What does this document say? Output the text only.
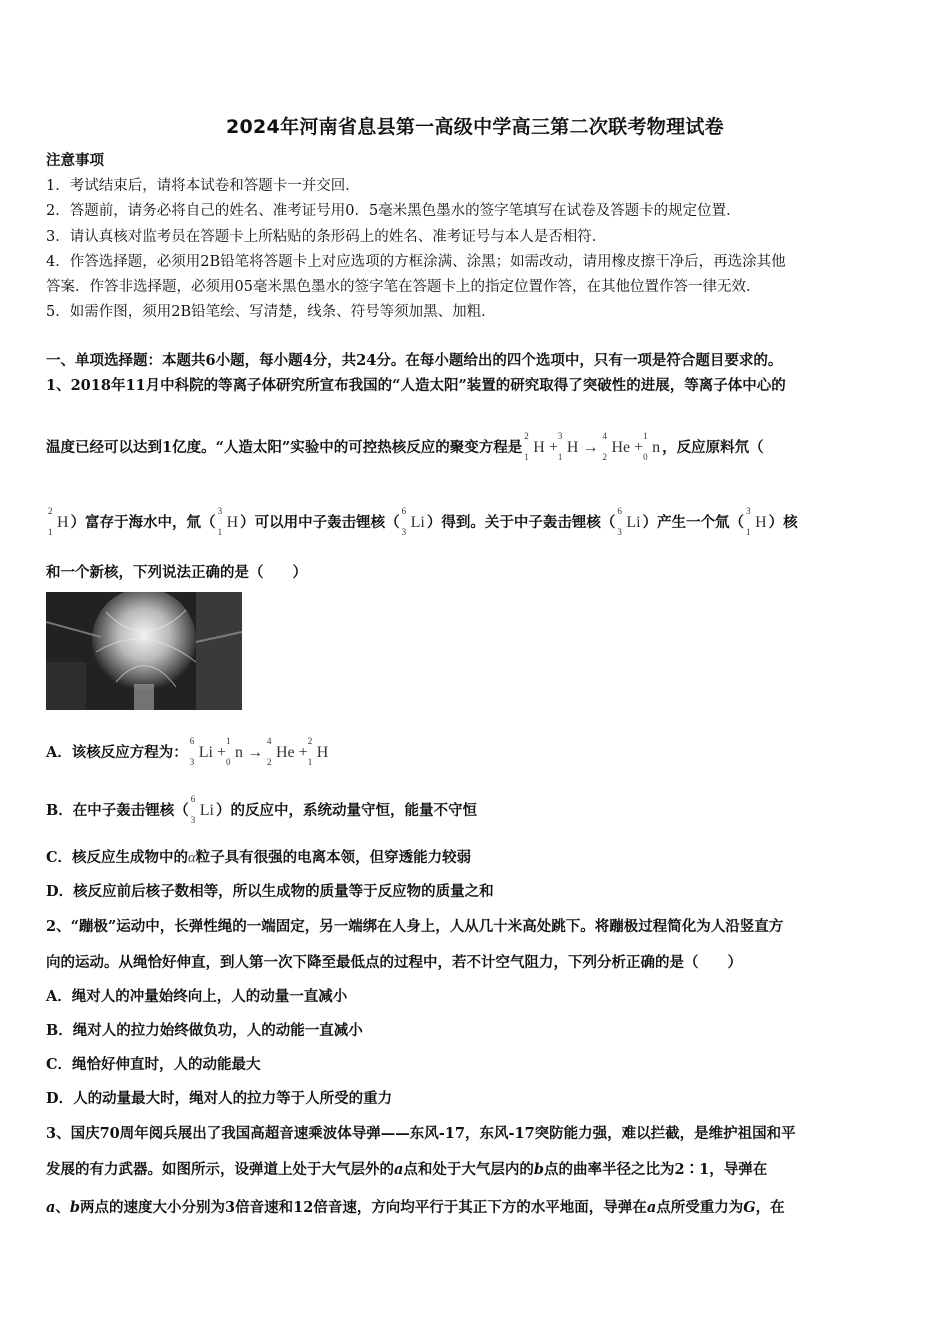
2024年河南省息县第一高级中学高三第二次联考物理试卷
注意事项
1．考试结束后，请将本试卷和答题卡一并交回．
2．答题前，请务必将自己的姓名、准考证号用0．5毫米黑色墨水的签字笔填写在试卷及答题卡的规定位置．
3．请认真核对监考员在答题卡上所粘贴的条形码上的姓名、准考证号与本人是否相符．
4．作答选择题，必须用2B铅笔将答题卡上对应选项的方框涂满、涂黑；如需改动，请用橡皮擦干净后，再选涂其他
答案．作答非选择题，必须用05毫米黑色墨水的签字笔在答题卡上的指定位置作答，在其他位置作答一律无效．
5．如需作图，须用2B铅笔绘、写清楚，线条、符号等须加黑、加粗．
一、单项选择题：本题共6小题，每小题4分，共24分。在每小题给出的四个选项中，只有一项是符合题目要求的。
1、2018年11月中科院的等离子体研究所宣布我国的“人造太阳”装置的研究取得了突破性的进展，等离子体中心的
温度已经可以达到1亿度。“人造太阳”实验中的可控热核反应的聚变方程是
2
1
H +
3
1
H →
4
2
He +
1
0
n ，反应原料氘（
2
1
H ）富存于海水中，氚（
3
1
H ）可以用中子轰击锂核（
6
3
Li ）得到。关于中子轰击锂核（
6
3
Li ）产生一个氚（
3
1
H ）核
和一个新核，下列说法正确的是（　　）
A．该核反应方程为：
6
3
Li +
1
0
n →
4
2
He +
2
1
H
B．在中子轰击锂核（
6
3
Li ）的反应中，系统动量守恒，能量不守恒
C．核反应生成物中的α粒子具有很强的电离本领，但穿透能力较弱
D．核反应前后核子数相等，所以生成物的质量等于反应物的质量之和
2、“蹦极”运动中，长弹性绳的一端固定，另一端绑在人身上，人从几十米高处跳下。将蹦极过程简化为人沿竖直方
向的运动。从绳恰好伸直，到人第一次下降至最低点的过程中，若不计空气阻力，下列分析正确的是（　　）
A．绳对人的冲量始终向上，人的动量一直减小
B．绳对人的拉力始终做负功，人的动能一直减小
C．绳恰好伸直时，人的动能最大
D．人的动量最大时，绳对人的拉力等于人所受的重力
3、国庆70周年阅兵展出了我国高超音速乘波体导弹——东风-17，东风-17突防能力强，难以拦截，是维护祖国和平
发展的有力武器。如图所示，设弹道上处于大气层外的a点和处于大气层内的b点的曲率半径之比为2∶1，导弹在
a、b两点的速度大小分别为3倍音速和12倍音速，方向均平行于其正下方的水平地面，导弹在a点所受重力为G，在
